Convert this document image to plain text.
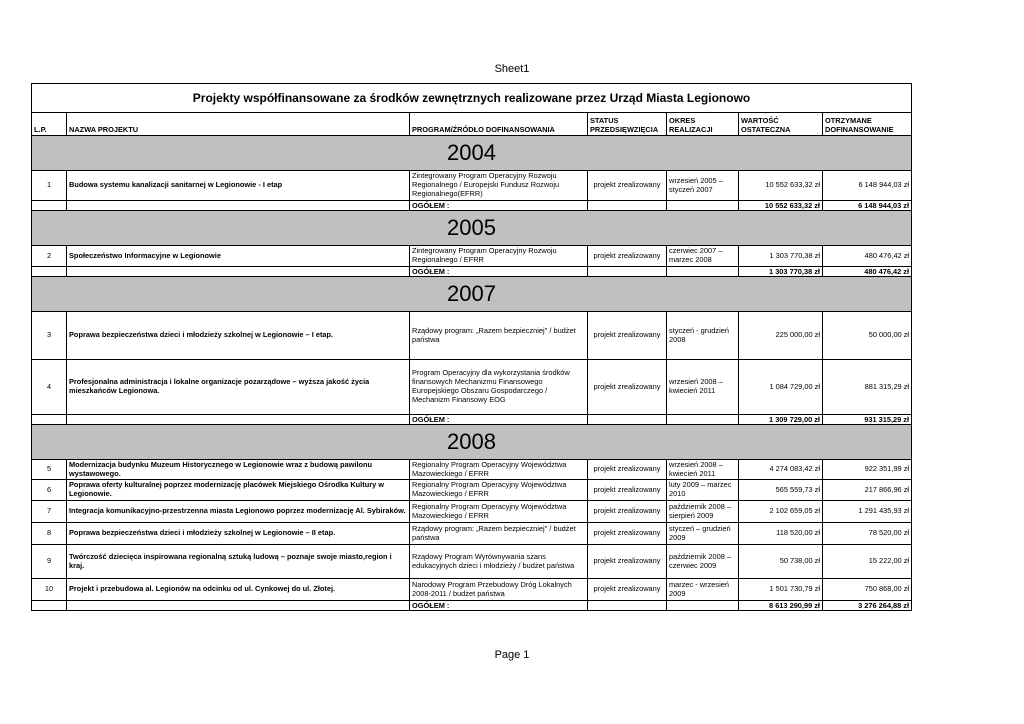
Sheet1
Projekty współfinansowane za środków zewnętrznych realizowane przez Urząd Miasta Legionowo						
L.P.	NAZWA PROJEKTU	PROGRAM/ŹRÓDŁO DOFINANSOWANIA	STATUS PRZEDSIĘWZIĘCIA	OKRES REALIZACJI	WARTOŚĆ OSTATECZNA	OTRZYMANE DOFINANSOWANIE
2004						
1	Budowa systemu kanalizacji sanitarnej w Legionowie - I etap	Zintegrowany Program Operacyjny Rozwoju Regionalnego / Europejski Fundusz Rozwoju Regionalnego(EFRR)	projekt zrealizowany	wrzesień 2005 – styczeń 2007	10 552 633,32 zł	6 148 944,03 zł
		OGÓŁEM :			10 552 633,32 zł	6 148 944,03 zł
2005						
2	Społeczeństwo Informacyjne w Legionowie	Zintegrowany Program Operacyjny Rozwoju Regionalnego / EFRR	projekt zrealizowany	czerwiec 2007 – marzec 2008	1 303 770,38 zł	480 476,42 zł
		OGÓŁEM :			1 303 770,38 zł	480 476,42 zł
2007						
3	Poprawa bezpieczeństwa dzieci i młodzieży szkolnej w Legionowie – I etap.	Rządowy program: „Razem bezpieczniej" / budżet państwa	projekt zrealizowany	styczeń - grudzień 2008	225 000,00 zł	50 000,00 zł
4	Profesjonalna administracja i lokalne organizacje pozarządowe – wyższa jakość życia mieszkańców Legionowa.	Program Operacyjny dla wykorzystania środków finansowych Mechanizmu Finansowego Europejskiego Obszaru Gospodarczego / Mechanizm Finansowy EOG	projekt zrealizowany	wrzesień 2008 – kwiecień 2011	1 084 729,00 zł	881 315,29 zł
		OGÓŁEM :			1 309 729,00 zł	931 315,29 zł
2008						
5	Modernizacja budynku Muzeum Historycznego w Legionowie wraz z budową pawilonu wystawowego.	Regionalny Program Operacyjny Województwa Mazowieckiego / EFRR	projekt zrealizowany	wrzesień 2008 – kwiecień 2011	4 274 083,42 zł	922 351,99 zł
6	Poprawa oferty kulturalnej poprzez modernizację placówek Miejskiego Ośrodka Kultury w Legionowie.	Regionalny Program Operacyjny Województwa Mazowieckiego / EFRR	projekt zrealizowany	luty 2009 – marzec 2010	565 559,73 zł	217 866,96 zł
7	Integracja komunikacyjno-przestrzenna miasta Legionowo poprzez modernizację Al. Sybiraków.	Regionalny Program Operacyjny Województwa Mazowieckiego / EFRR	projekt zrealizowany	październik 2008 – sierpień 2009	2 102 659,05 zł	1 291 435,93 zł
8	Poprawa bezpieczeństwa dzieci i młodzieży szkolnej w Legionowie – II etap.	Rządowy program: „Razem bezpieczniej" / budżet państwa	projekt zrealizowany	styczeń – grudzień 2009	118 520,00 zł	78 520,00 zł
9	Twórczość dziecięca inspirowana regionalną sztuką ludową – poznaje swoje miasto,region i kraj.	Rządowy Program Wyrównywania szans edukacyjnych dzieci i młodzieży / budżet państwa	projekt zrealizowany	październik 2008 – czerwiec 2009	50 738,00 zł	15 222,00 zł
10	Projekt i przebudowa al. Legionów na odcinku od ul. Cynkowej do ul. Złotej.	Narodowy Program Przebudowy Dróg Lokalnych 2008-2011 / budżet państwa	projekt zrealizowany	marzec - wrzesień 2009	1 501 730,79 zł	750 868,00 zł
		OGÓŁEM :			8 613 290,99 zł	3 276 264,88 zł
Page 1
